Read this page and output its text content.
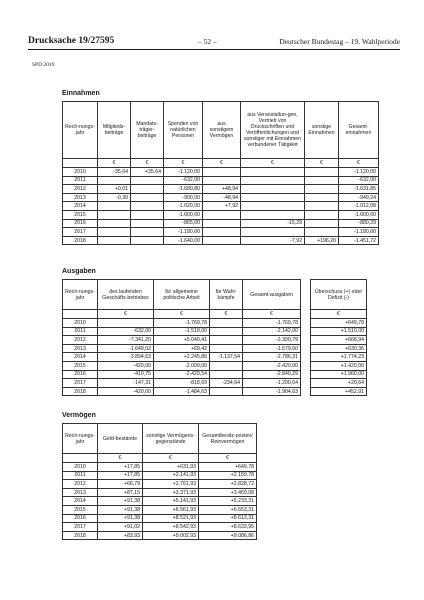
Drucksache 19/27595	– 52 –	Deutscher Bundestag – 19. Wahlperiode
SPD 2019
Einnahmen
Rech-nungs-jahr	Mitglieds-beiträge	Mandats-träger-beiträge	Spenden von natürlichen Personen	aus sonstigem Vermögen	aus Veranstaltun-gen, Vertrieb von Druckschriften und Veröffentlichungen und sonstiger mit Einnahmen verbundener Tätigkeit	sonstige Einnahmen	Gesamt-einnahmen
	€	€	€	€	€	€	€
2010	-35,64	+35,64	-1.120,00				-1.120,00
2011			-632,00				-632,00
2012	+0,01		-1.680,80	+48,94			-1.631,85
2013	-0,30		-900,00	-48,94			-949,24
2014			-1.020,00	+7,92			-1.012,08
2015			-1.000,00				-1.000,00
2016			-865,00		-15,29		-880,29
2017			-1.180,00				-1.180,00
2018			-1.640,00		-7,92	+196,20	-1.451,72
Ausgaben
Rech-nungs-jahr	des laufenden Geschäfts-betriebes	für allgemeine politische Arbeit	für Wahl-kämpfe	Gesamt-ausgaben		Überschuss (+) oder Defizit (-)
	€	€	€	€		€
2010		-1.769,78		-1.769,78		+649,78
2011	-632,00	-1.510,00		-2.142,00		+1.510,00
2012	-7.341,20	+5.040,41		-2.300,79		+668,94
2013	-1.649,02	+69,42		-1.579,60		+630,36
2014	-3.894,63	+2.245,86	-1.137,54	-2.786,31		+1.774,23
2015	-420,00	-2.000,00		-2.420,00		+1.420,00
2016	-410,75	-2.429,54		-2.840,29		+1.960,00
2017	-147,31	-818,69	-234,64	-1.200,64		+20,64
2018	-420,00	-1.484,63		-1.904,63		+452,91
Vermögen
Rech-nungs-jahr	Geld-bestände	sonstige Vermögens-gegenstände	Gesamtbesitz-posten/ Reinvermögen
	€	€	€
2010	+17,85	+631,93	+649,78
2011	+17,85	+2.141,93	+2.159,78
2012	+66,79	+2.761,93	+2.828,72
2013	+87,15	+3.371,93	+3.459,08
2014	+91,38	+5.141,93	+5.233,31
2015	+91,38	+6.561,93	+6.653,31
2016	+91,38	+8.521,93	+8.613,31
2017	+91,02	+8.542,93	+8.633,95
2018	+83,93	+9.002,93	+9.086,86
